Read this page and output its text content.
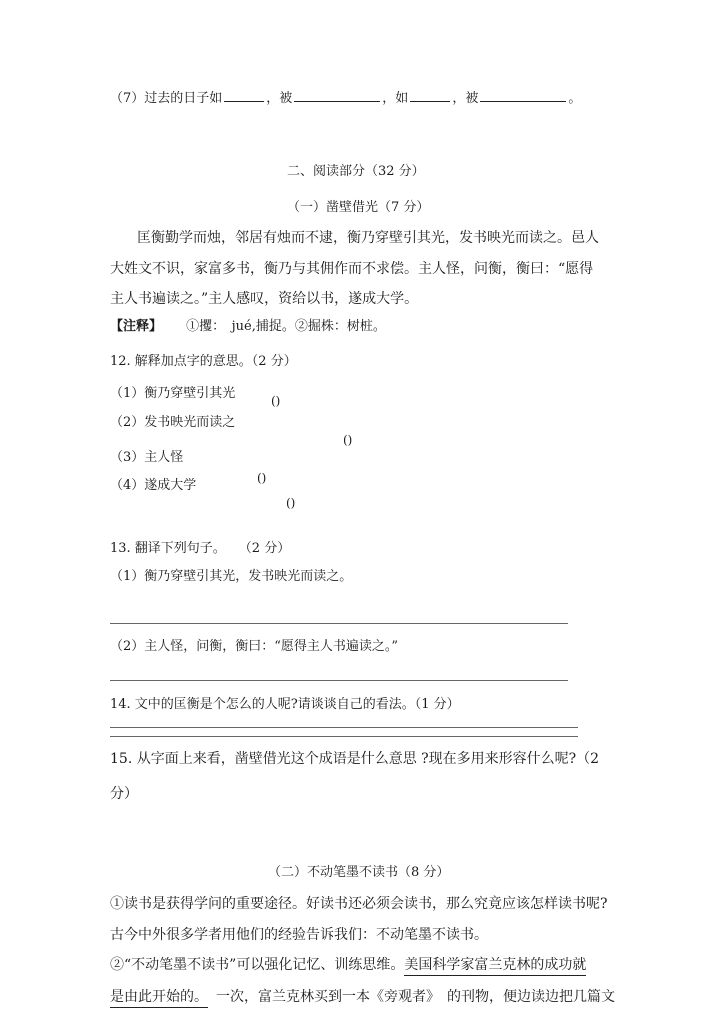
（7）过去的日子如	，被	，如	，被	。
二、阅读部分（32 分）
（一）凿壁借光（7 分）
匡衡勤学而烛，邻居有烛而不逮，衡乃穿壁引其光，发书映光而读之。邑人
大姓文不识，家富多书，衡乃与其佣作而不求偿。主人怪，问衡，衡曰：“愿得
主人书遍读之。”主人感叹，资给以书，遂成大学。
【注释】 ①攫：　jué,捕捉。②掘株：树桩。
12. 解释加点字的意思。（2 分）
（1）衡乃穿壁引其光
（2）发书映光而读之
（3）主人怪
（4）遂成大学
()
()
()
()
13. 翻译下列句子。　　（2 分）
（1）衡乃穿壁引其光，发书映光而读之。
（2）主人怪，问衡，衡曰：“愿得主人书遍读之。”
14. 文中的匡衡是个怎么的人呢?请谈谈自己的看法。（1 分）
15. 从字面上来看，凿壁借光这个成语是什么意思 ?现在多用来形容什么呢?（2
分）
（二）不动笔墨不读书（8 分）
①读书是获得学问的重要途径。好读书还必须会读书，那么究竟应该怎样读书呢?
古今中外很多学者用他们的经验告诉我们：不动笔墨不读书。
②“不动笔墨不读书”可以强化记忆、训练思维。美国科学家富兰克林的成功就
是由此开始的。 一次，富兰克林买到一本《旁观者》　的刊物，便边读边把几篇文
